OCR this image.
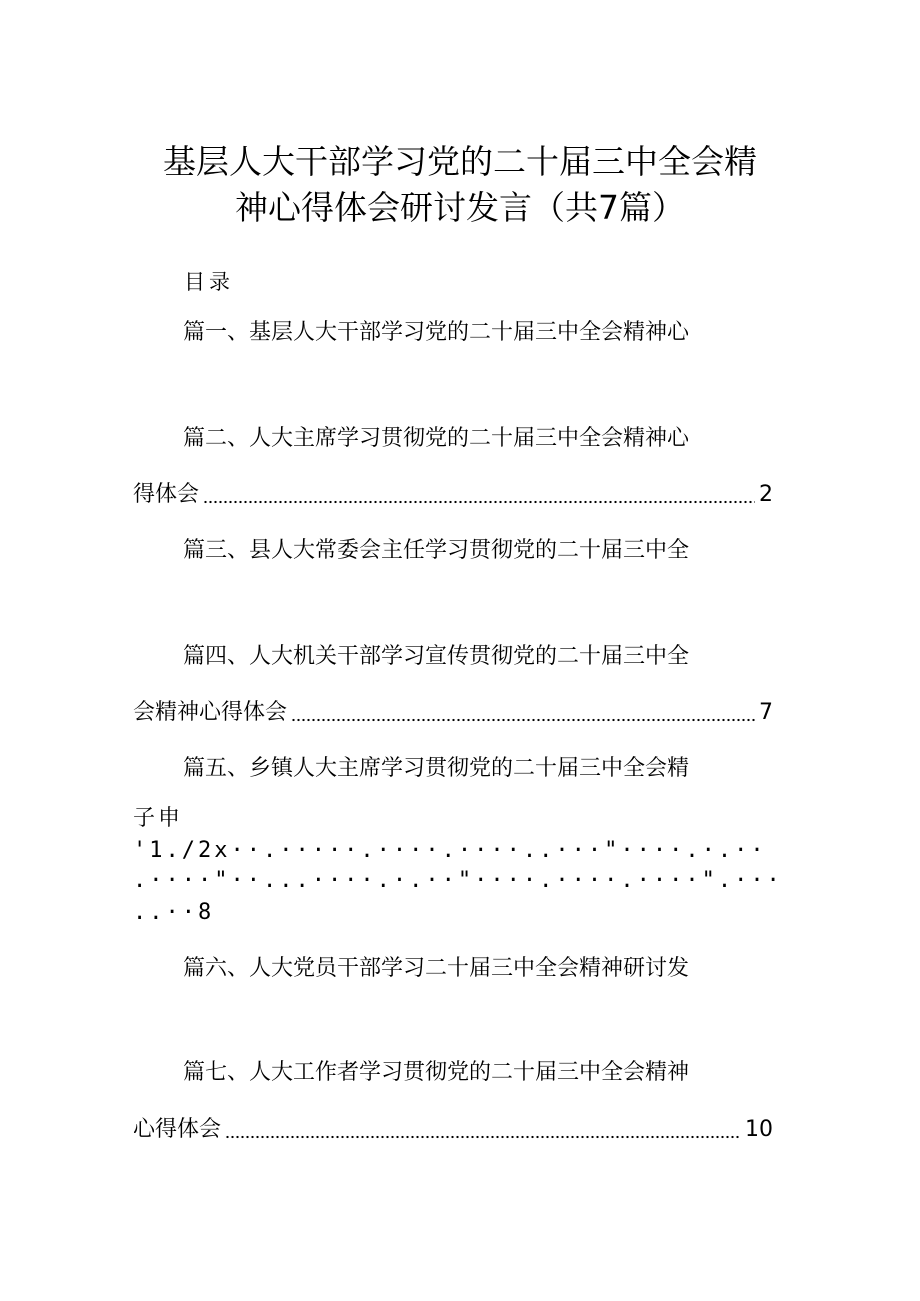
基层人大干部学习党的二十届三中全会精
神心得体会研讨发言（共7篇）
目录
篇一、基层人大干部学习党的二十届三中全会精神心
篇二、人大主席学习贯彻党的二十届三中全会精神心
得体会	2
篇三、县人大常委会主任学习贯彻党的二十届三中全
篇四、人大机关干部学习宣传贯彻党的二十届三中全
会精神心得体会	7
篇五、乡镇人大主席学习贯彻党的二十届三中全会精
子申
'1./2x··.·····.····.····..···"····.·.··
.····"··...····.·.··"····.····.····".···
..··8
篇六、人大党员干部学习二十届三中全会精神研讨发
篇七、人大工作者学习贯彻党的二十届三中全会精神
心得体会	10
